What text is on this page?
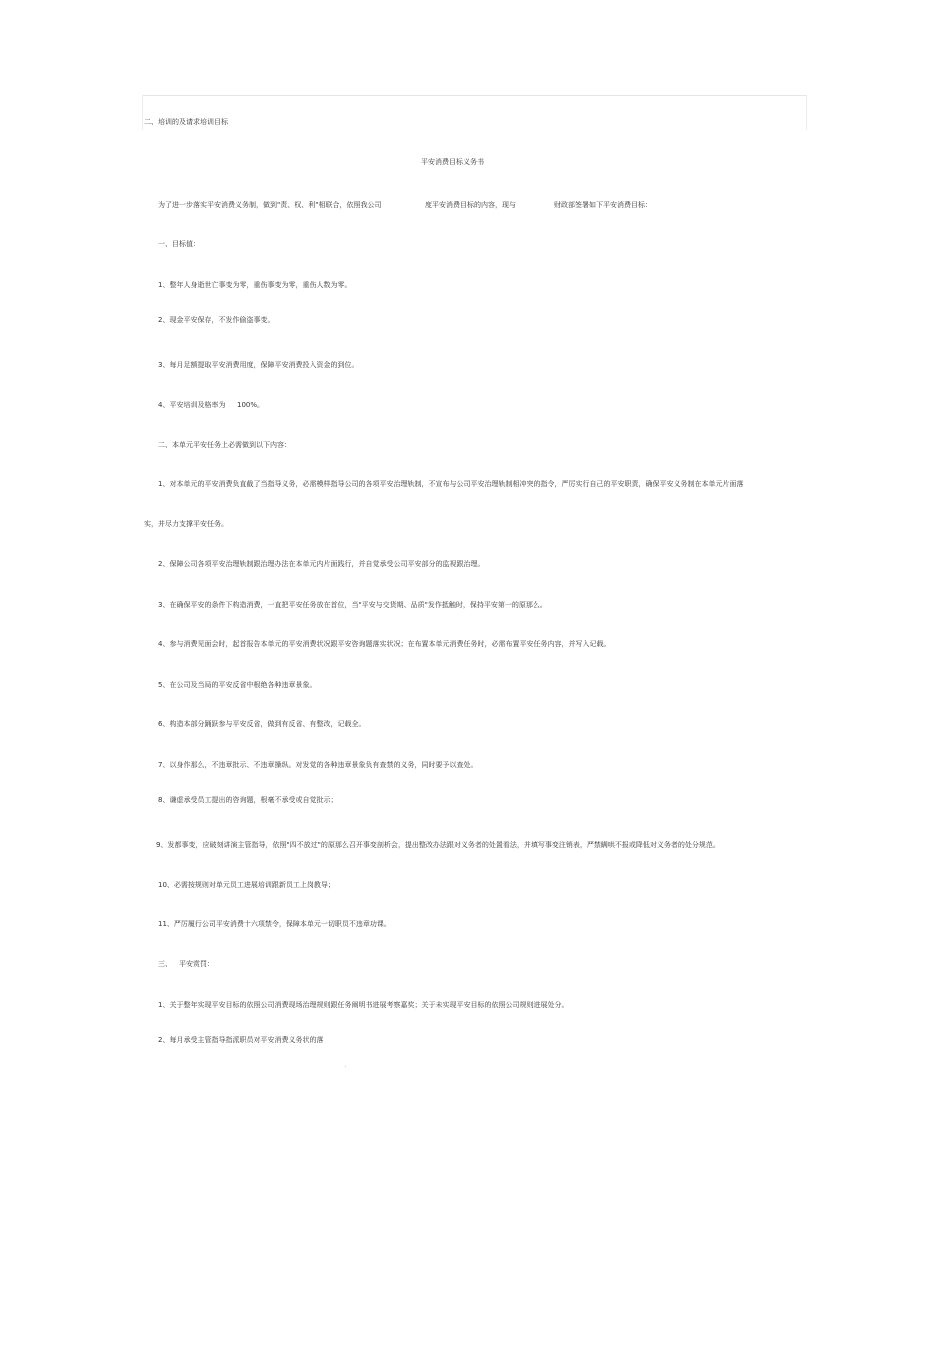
二、培训的及请求培训目标
平安消费目标义务书
为了进一步落实平安消费义务制，做到"责、权、利"相联合，依照我公司	度平安消费目标的内容，现与	财政部签署如下平安消费目标：
一、目标值：
1、整年人身逝世亡事变为零，重伤事变为零，重伤人数为零。
2、现金平安保存，不发作偷盗事变。
3、每月足额提取平安消费用度，保障平安消费投入资金的到位。
4、平安培训及格率为 100%。
二、本单元平安任务上必需做到以下内容：
1、对本单元的平安消费负直截了当指导义务，必需模样指导公司的各项平安治理轨制，不宣布与公司平安治理轨制相冲突的指令，严厉实行自己的平安职责，确保平安义务制在本单元片面落
实，并尽力支撑平安任务。
2、保障公司各项平安治理轨制跟治理办法在本单元内片面践行，并自觉承受公司平安部分的监视跟治理。
3、在确保平安的条件下构造消费，一直把平安任务放在首位，当"平安与交货期、品质"发作抵触时，保持平安第一的原那么。
4、参与消费见面会时，起首报告本单元的平安消费状况跟平安咨询题落实状况；在布置本单元消费任务时，必需布置平安任务内容，并写入记载。
5、在公司及当局的平安反省中根绝各种违章景象。
6、构造本部分踊跃参与平安反省，做到有反省、有整改，记载全。
7、以身作那么，不违章批示、不违章操纵。对发觉的各种违章景象负有查禁的义务，同时要予以查处。
8、谦虚承受员工提出的咨询题，根毫不承受或自觉批示；
9、发都事变，应破刻讲演主管指导，依照"四不放过"的原那么召开事变剖析会，提出整改办法跟对义务者的处置看法，并填写事变注销表，严禁瞒哄不报或降低对义务者的处分规范。
10、必需按规则对单元员工进展培训跟新员工上岗教导；
11、严厉履行公司平安消费十六项禁令，保障本单元一切职员不违章功课。
三、 平安赏罚：
1、关于整年实现平安目标的依照公司消费现场治理规则跟任务阐明书进展考察嘉奖；关于未实现平安目标的依照公司规则进展处分。
2、每月承受主管指导指派职员对平安消费义务状的落
